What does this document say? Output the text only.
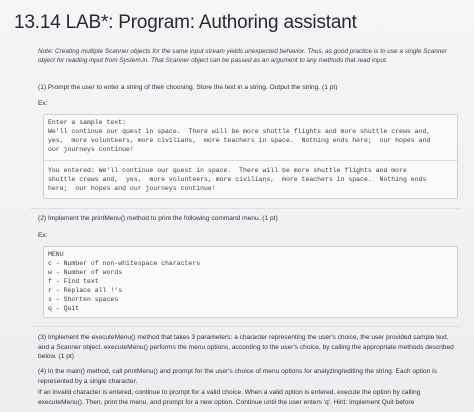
13.14 LAB*: Program: Authoring assistant
Note: Creating multiple Scanner objects for the same input stream yields unexpected behavior. Thus, as good practice is to use a single Scanner object for reading input from System.in. That Scanner object can be passed as an argument to any methods that read input.
(1) Prompt the user to enter a string of their choosing. Store the text in a string. Output the string. (1 pt)
Ex:
Enter a sample text:
We'll continue our quest in space.  There will be more shuttle flights and more shuttle crews and,
yes,  more volunteers, more civilians,  more teachers in space.  Nothing ends here;  our hopes and
our journeys continue!
You entered: We'll continue our quest in space.  There will be more shuttle flights and more
shuttle crews and,  yes,  more volunteers, more civilians,  more teachers in space.  Nothing ends
here;  our hopes and our journeys continue!
(2) Implement the printMenu() method to print the following command menu. (1 pt)
Ex:
MENU
c - Number of non-whitespace characters
w - Number of words
f - Find text
r - Replace all !'s
s - Shorten spaces
q - Quit
(3) Implement the executeMenu() method that takes 3 parameters: a character representing the user's choice, the user provided sample text, and a Scanner object. executeMenu() performs the menu options, according to the user's choice, by calling the appropriate methods described below. (1 pt)
(4) In the main() method, call printMenu() and prompt for the user's choice of menu options for analyzing/editing the string. Each option is represented by a single character.
If an invalid character is entered, continue to prompt for a valid choice. When a valid option is entered, execute the option by calling executeMenu(). Then, print the menu, and prompt for a new option. Continue until the user enters 'q'. Hint: Implement Quit before
